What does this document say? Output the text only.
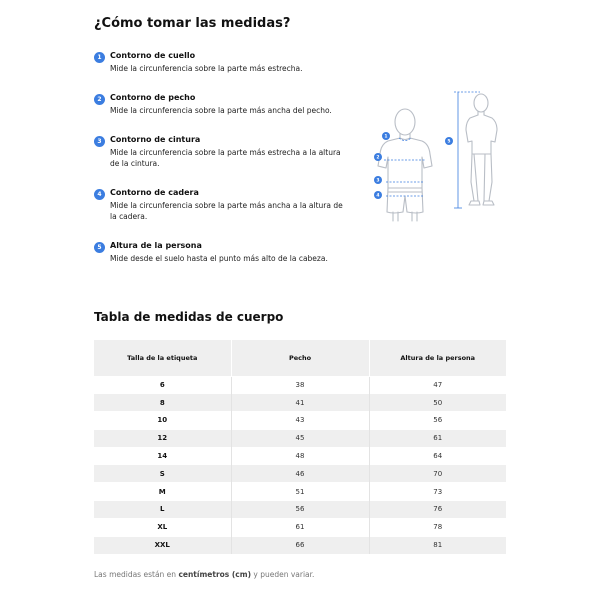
¿Cómo tomar las medidas?
1	Contorno de cuello
Mide la circunferencia sobre la parte más estrecha.
2	Contorno de pecho
Mide la circunferencia sobre la parte más ancha del pecho.
3	Contorno de cintura
Mide la circunferencia sobre la parte más estrecha a la altura de la cintura.
4	Contorno de cadera
Mide la circunferencia sobre la parte más ancha a la altura de la cadera.
5	Altura de la persona
Mide desde el suelo hasta el punto más alto de la cabeza.
1
2
3
4
5
Tabla de medidas de cuerpo
Talla de la etiqueta	Pecho	Altura de la persona
6	38	47
8	41	50
10	43	56
12	45	61
14	48	64
S	46	70
M	51	73
L	56	76
XL	61	78
XXL	66	81
Las medidas están en centímetros (cm) y pueden variar.
